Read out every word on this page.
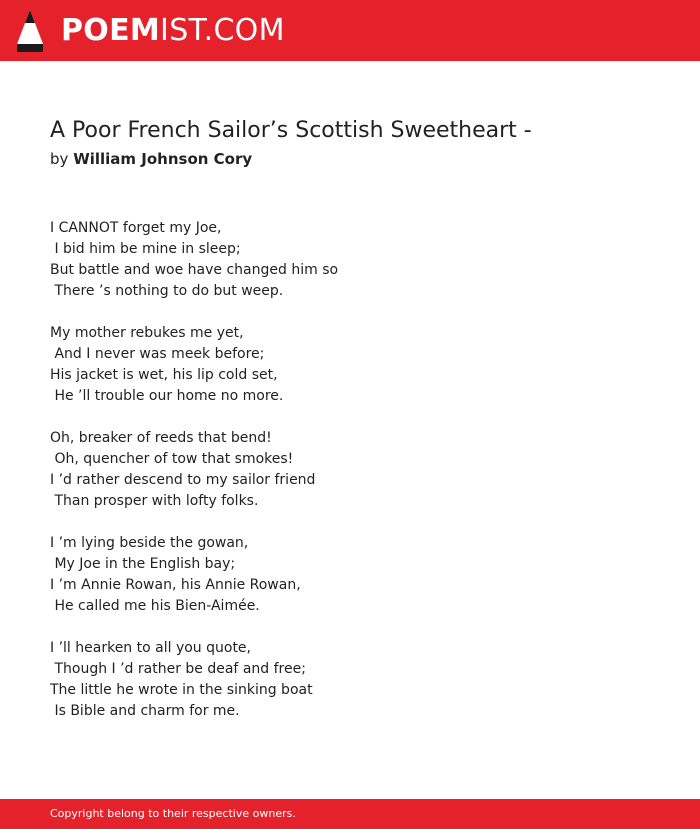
POEMIST.COM
A Poor French Sailor’s Scottish Sweetheart -
by William Johnson Cory
I CANNOT forget my Joe,
I bid him be mine in sleep;
But battle and woe have changed him so
There ’s nothing to do but weep.
My mother rebukes me yet,
And I never was meek before;
His jacket is wet, his lip cold set,
He ’ll trouble our home no more.
Oh, breaker of reeds that bend!
Oh, quencher of tow that smokes!
I ’d rather descend to my sailor friend
Than prosper with lofty folks.
I ’m lying beside the gowan,
My Joe in the English bay;
I ’m Annie Rowan, his Annie Rowan,
He called me his Bien-Aimée.
I ’ll hearken to all you quote,
Though I ’d rather be deaf and free;
The little he wrote in the sinking boat
Is Bible and charm for me.
Copyright belong to their respective owners.
